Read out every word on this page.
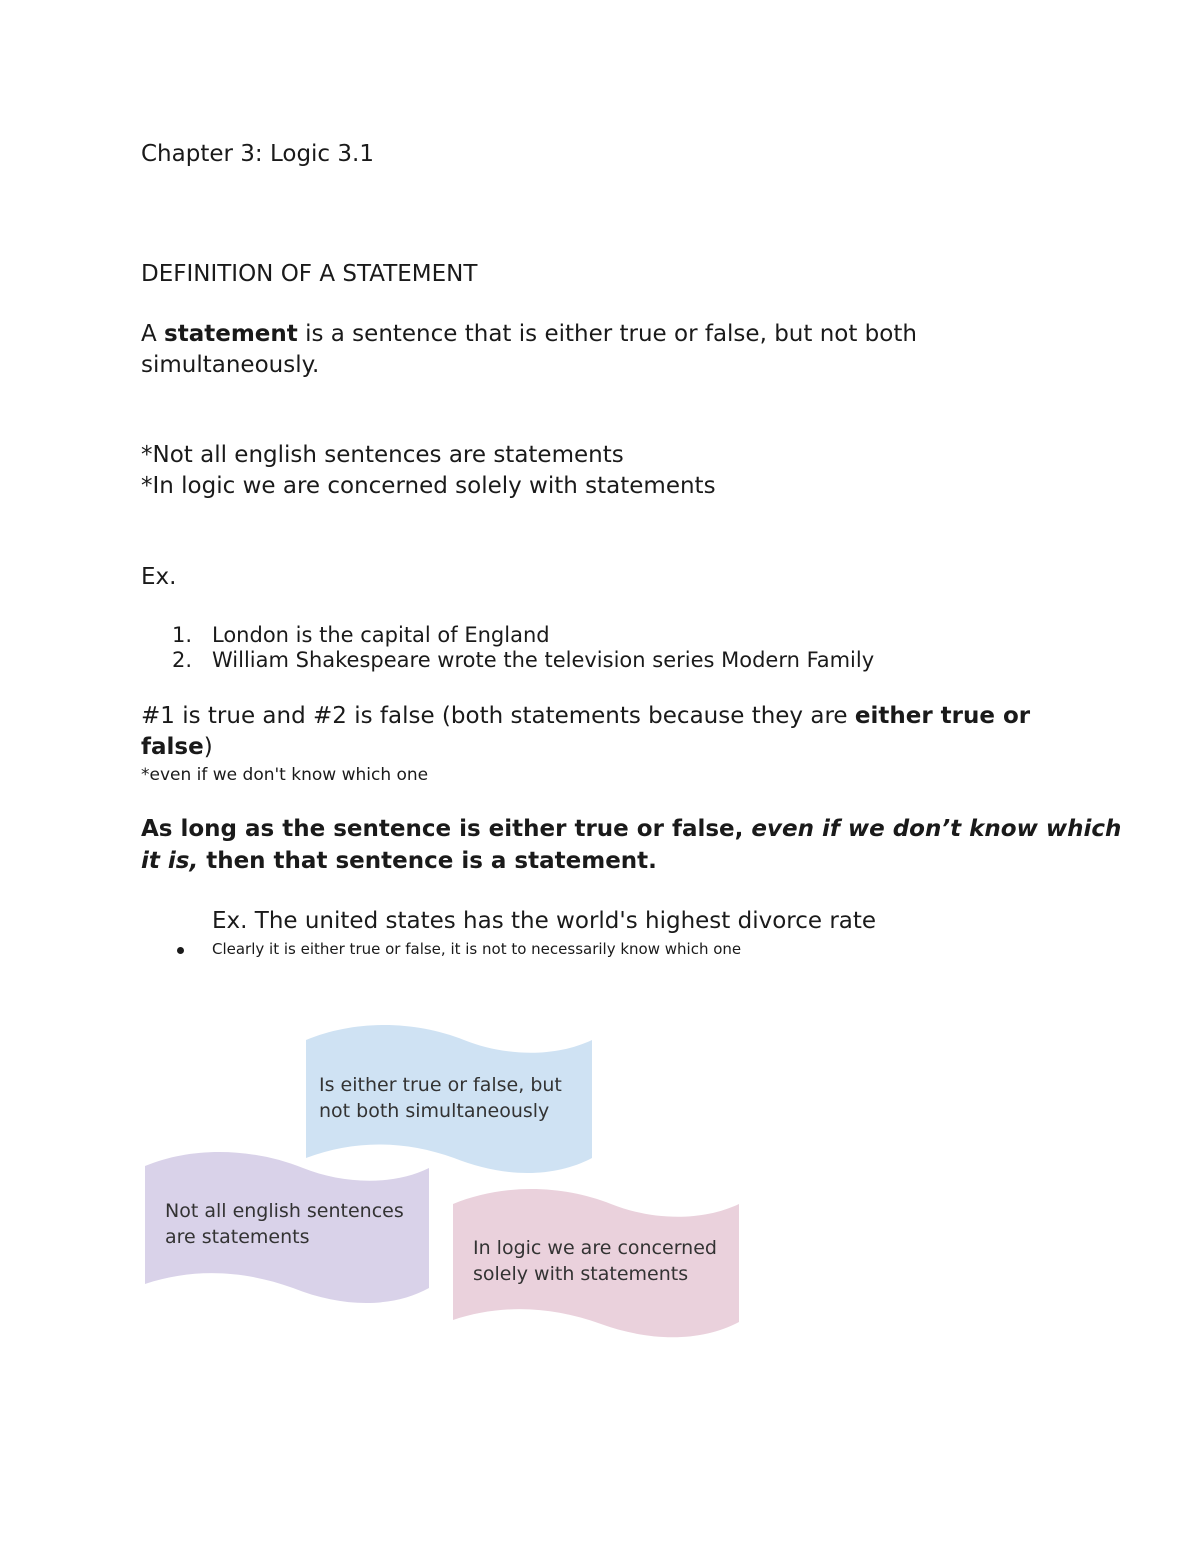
Chapter 3: Logic 3.1

DEFINITION OF A STATEMENT

A statement is a sentence that is either true or false, but not both

simultaneously.

*Not all english sentences are statements

*In logic we are concerned solely with statements

Ex.

1. London is the capital of England
2. William Shakespeare wrote the television series Modern Family

#1 is true and #2 is false (both statements because they are either true or

false)

*even if we don't know which one

As long as the sentence is either true or false, even if we don’t know which

it is, then that sentence is a statement.

Ex. The united states has the world's highest divorce rate

Clearly it is either true or false, it is not to necessarily know which one

Is either true or false, but
not both simultaneously
Not all english sentences
are statements	In logic we are concerned
solely with statements
